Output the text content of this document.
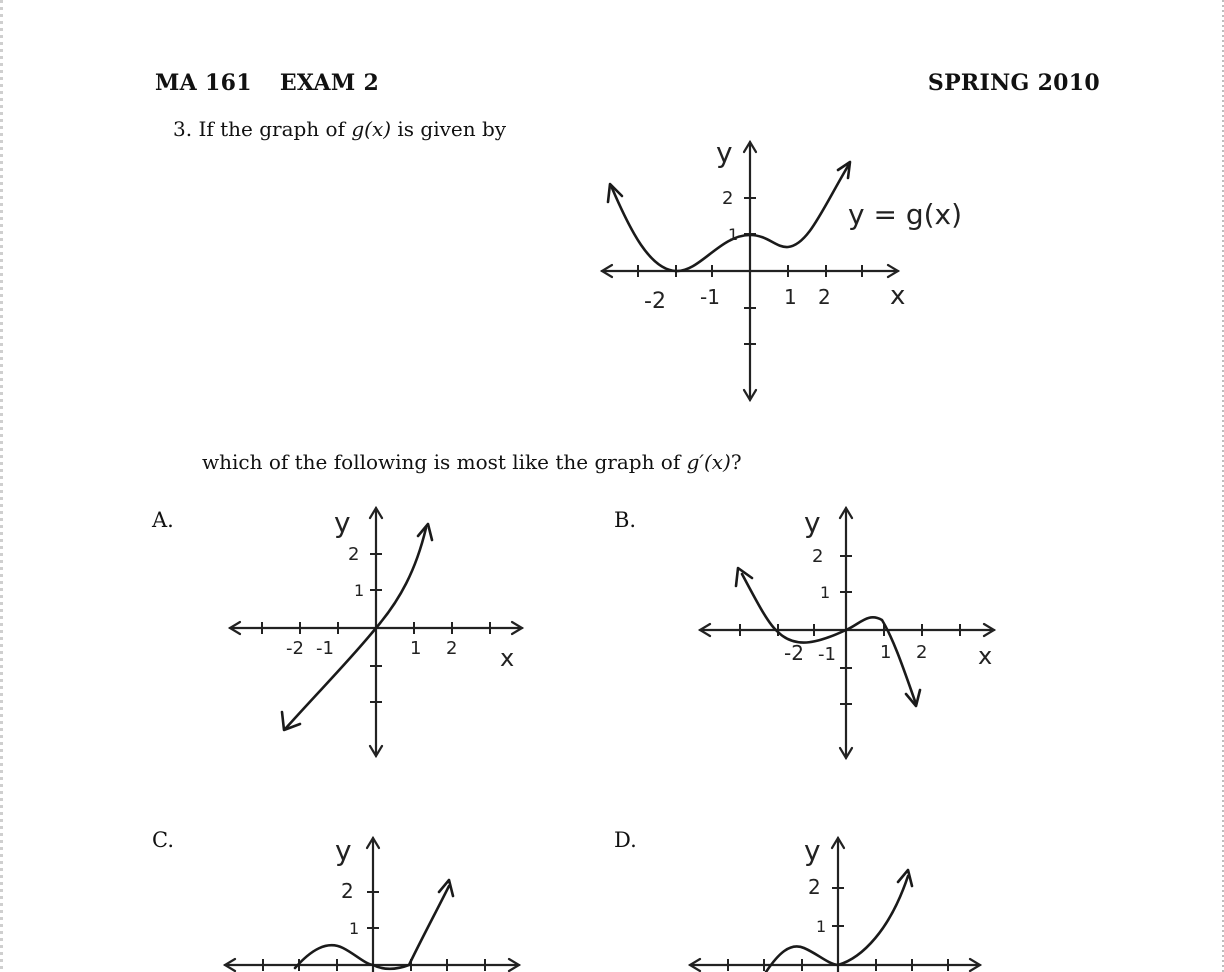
MA 161 EXAM 2	SPRING 2010
3. If the graph of g(x) is given by
y
x
y = g(x)
-2 -1	1 2
2
1
which of the following is most like the graph of g′(x)?
A.	y
x
-2 -1	1 2
2
1
B.	y
x
-2 -1 1 2
2
1
C.	y
2
1
D.	y
2
1
